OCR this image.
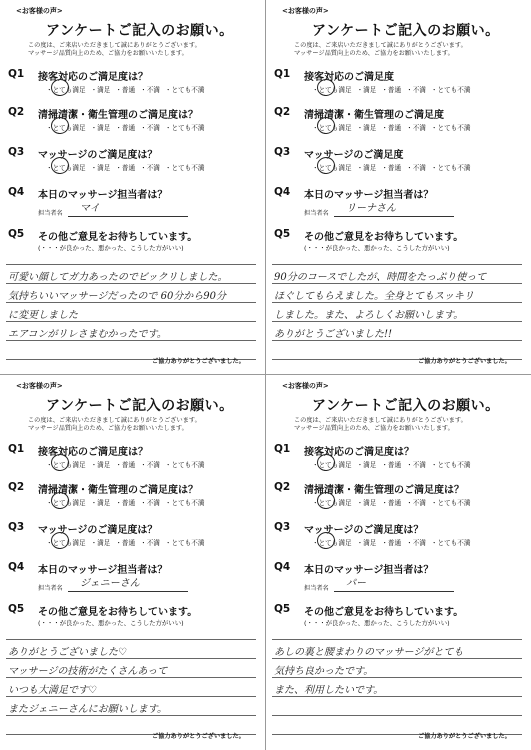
<お客様の声>
アンケートご記入のお願い。
この度は、ご来店いただきまして誠にありがとうございます。
マッサージ品質向上のため、ご協力をお願いいたします。
Q1 接客対応のご満足度は？
・とても満足 ・満足 ・普通 ・不満 ・とても不満
Q2 清掃清潔・衛生管理のご満足度は？
・とても満足 ・満足 ・普通 ・不満 ・とても不満
Q3 マッサージのご満足度は？
・とても満足 ・満足 ・普通 ・不満 ・とても不満
Q4 本日のマッサージ担当者は？
担当者名 マイ
Q5 その他ご意見をお待ちしています。
(・・・が良かった、悪かった、こうした方がいい)
可愛い顔してガ力あったのでビックリしました。
気持ちいいマッサージだったので 60分から90分
に変更しました
エアコンがリレさまむかったです。
ご協力ありがとうございました。
<お客様の声>
アンケートご記入のお願い。
この度は、ご来店いただきまして誠にありがとうございます。
マッサージ品質向上のため、ご協力をお願いいたします。
Q1 接客対応のご満足度
・とても満足 ・満足 ・普通 ・不満 ・とても不満
Q2 清掃清潔・衛生管理のご満足度
・とても満足 ・満足 ・普通 ・不満 ・とても不満
Q3 マッサージのご満足度
・とても満足 ・満足 ・普通 ・不満 ・とても不満
Q4 本日のマッサージ担当者は？
担当者名 リーナさん
Q5 その他ご意見をお待ちしています。
(・・・が良かった、悪かった、こうした方がいい)
90分のコースでしたが、時間をたっぷり使って
ほぐしてもらえました。全身とてもスッキリ
しました。また、よろしくお願いします。
ありがとうございました!!
ご協力ありがとうございました。
<お客様の声>
アンケートご記入のお願い。
この度は、ご来店いただきまして誠にありがとうございます。
マッサージ品質向上のため、ご協力をお願いいたします。
Q1 接客対応のご満足度は？
・とても満足 ・満足 ・普通 ・不満 ・とても不満
Q2 清掃清潔・衛生管理のご満足度は？
・とても満足 ・満足 ・普通 ・不満 ・とても不満
Q3 マッサージのご満足度は？
・とても満足 ・満足 ・普通 ・不満 ・とても不満
Q4 本日のマッサージ担当者は？
担当者名 ジェニーさん
Q5 その他ご意見をお待ちしています。
(・・・が良かった、悪かった、こうした方がいい)
ありがとうございました♡
マッサージの技術がたくさんあって
いつも大満足です♡
またジェニーさんにお願いします。
ご協力ありがとうございました。
<お客様の声>
アンケートご記入のお願い。
この度は、ご来店いただきまして誠にありがとうございます。
マッサージ品質向上のため、ご協力をお願いいたします。
Q1 接客対応のご満足度は？
・とても満足 ・満足 ・普通 ・不満 ・とても不満
Q2 清掃清潔・衛生管理のご満足度は？
・とても満足 ・満足 ・普通 ・不満 ・とても不満
Q3 マッサージのご満足度は？
・とても満足 ・満足 ・普通 ・不満 ・とても不満
Q4 本日のマッサージ担当者は？
担当者名 パー
Q5 その他ご意見をお待ちしています。
(・・・が良かった、悪かった、こうした方がいい)
あしの裏と腰まわりのマッサージがとても
気持ち良かったです。
また、利用したいです。
ご協力ありがとうございました。
